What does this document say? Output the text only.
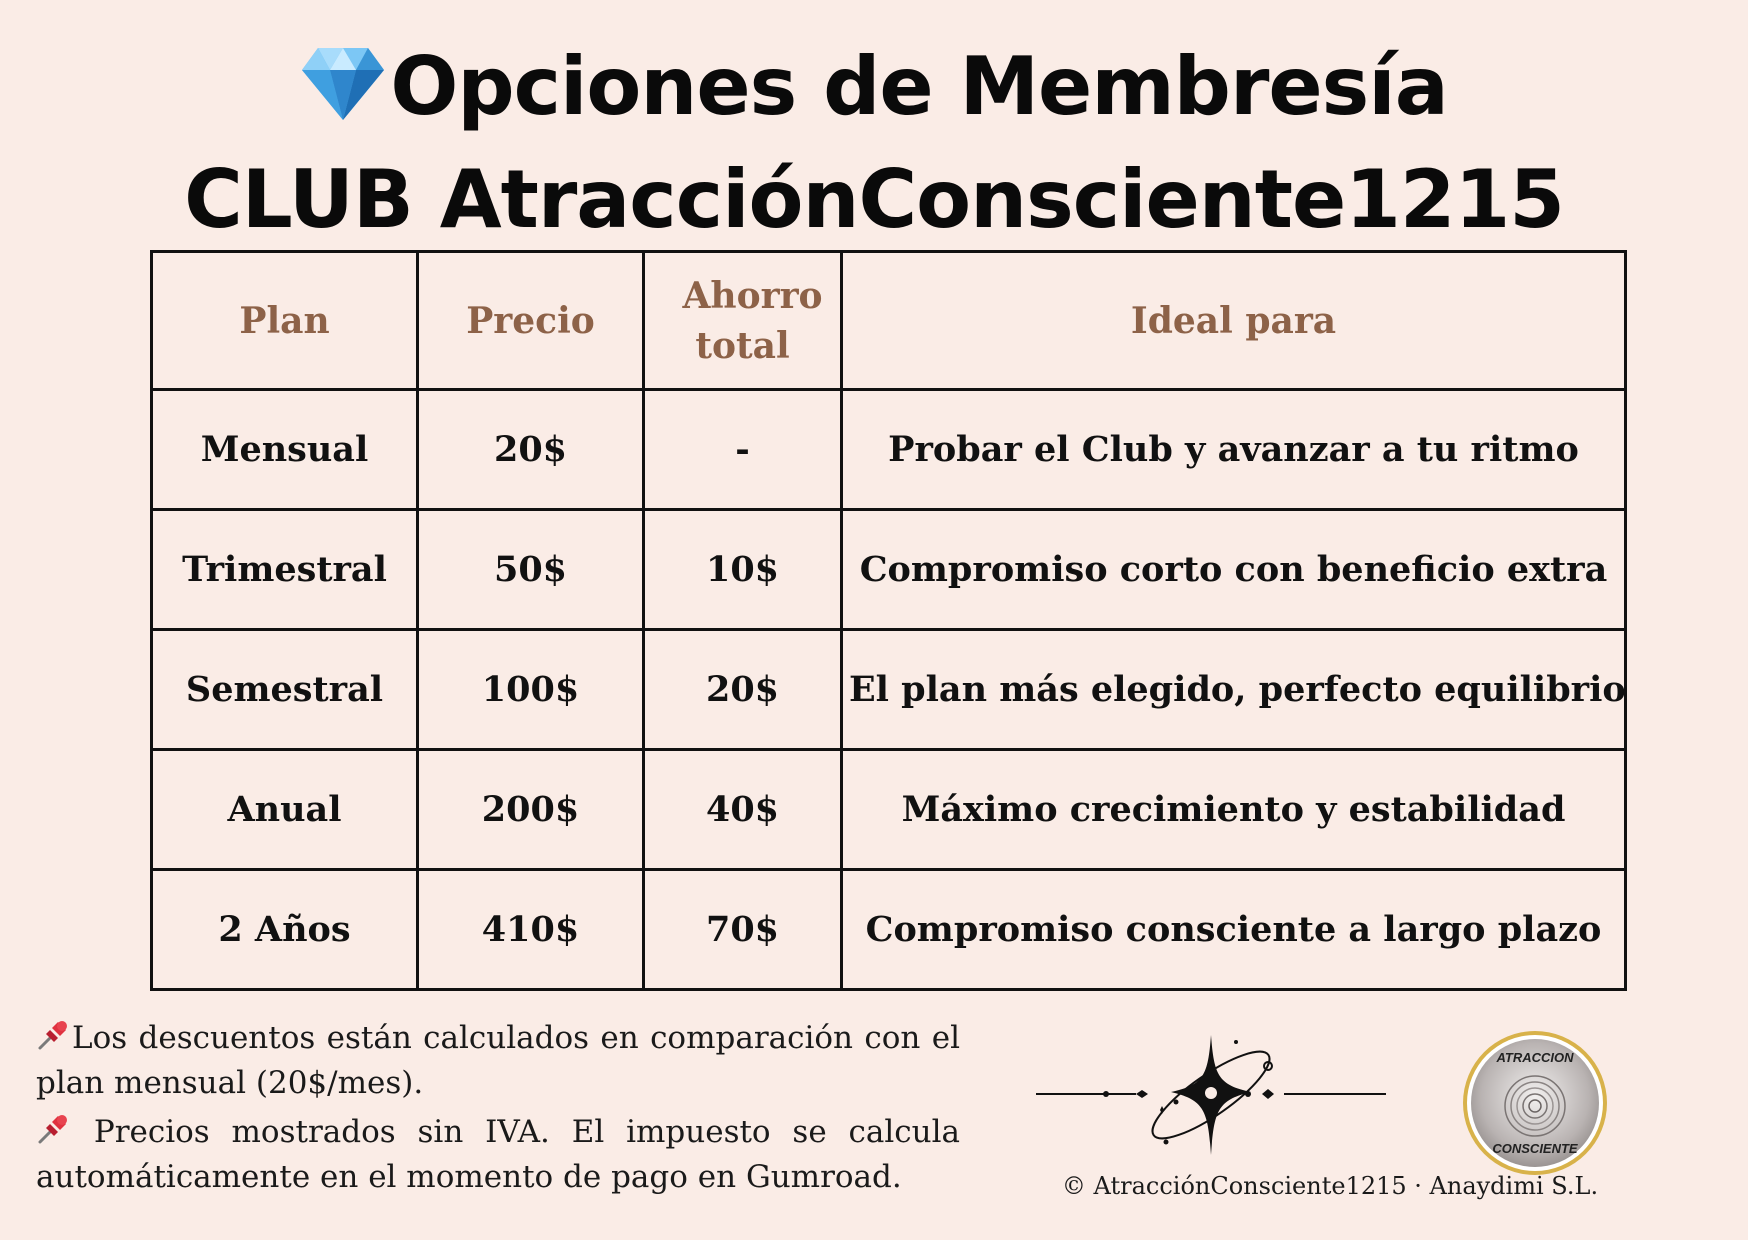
Opciones de Membresía
CLUB AtracciónConsciente1215
Plan	Precio	Ahorro total	Ideal para
Mensual	20$	-	Probar el Club y avanzar a tu ritmo
Trimestral	50$	10$	Compromiso corto con beneficio extra
Semestral	100$	20$	El plan más elegido, perfecto equilibrio
Anual	200$	40$	Máximo crecimiento y estabilidad
2 Años	410$	70$	Compromiso consciente a largo plazo
Los descuentos están calculados en comparación con el plan mensual (20$/mes).
Precios mostrados sin IVA. El impuesto se calcula automáticamente en el momento de pago en Gumroad.
ATRACCION
CONSCIENTE
© AtracciónConsciente1215 · Anaydimi S.L.
